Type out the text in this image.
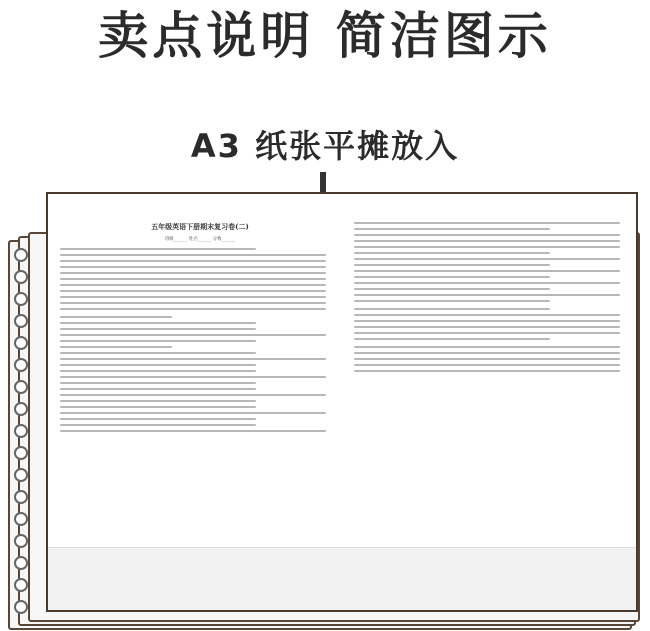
卖点说明 简洁图示
A3 纸张平摊放入
五年级英语下册期末复习卷(二)
班级______ 姓名______ 分数______
